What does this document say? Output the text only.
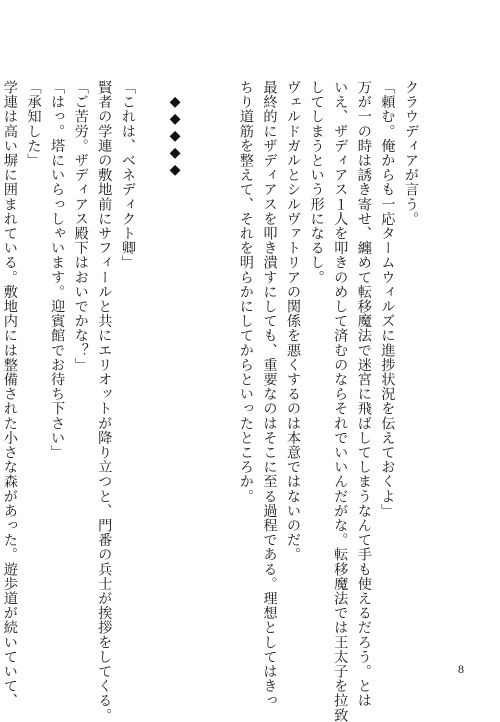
クラウディアが言う。
「頼む。俺からも一応タームウィルズに進捗状況を伝えておくよ」
万が一の時は誘き寄せ、纏めて転移魔法で迷宮に飛ばしてしまうなんて手も使えるだろう。とは
いえ、ザディアス１人を叩きのめして済むのならそれでいいんだがな。転移魔法では王太子を拉致
してしまうという形になるし。
ヴェルドガルとシルヴァトリアの関係を悪くするのは本意ではないのだ。
最終的にザディアスを叩き潰すにしても、重要なのはそこに至る過程である。理想としてはきっ
ちり道筋を整えて、それを明らかにしてからといったところか。

◆◆◆◆◆

「これは、ベネディクト卿」
賢者の学連の敷地前にサフィールと共にエリオットが降り立つと、門番の兵士が挨拶をしてくる。
「ご苦労。ザディアス殿下はおいでかな？」
「はっ。塔にいらっしゃいます。迎賓館でお待ち下さい」
「承知した」
学連は高い塀に囲まれている。敷地内には整備された小さな森があった。遊歩道が続いていて、	8
